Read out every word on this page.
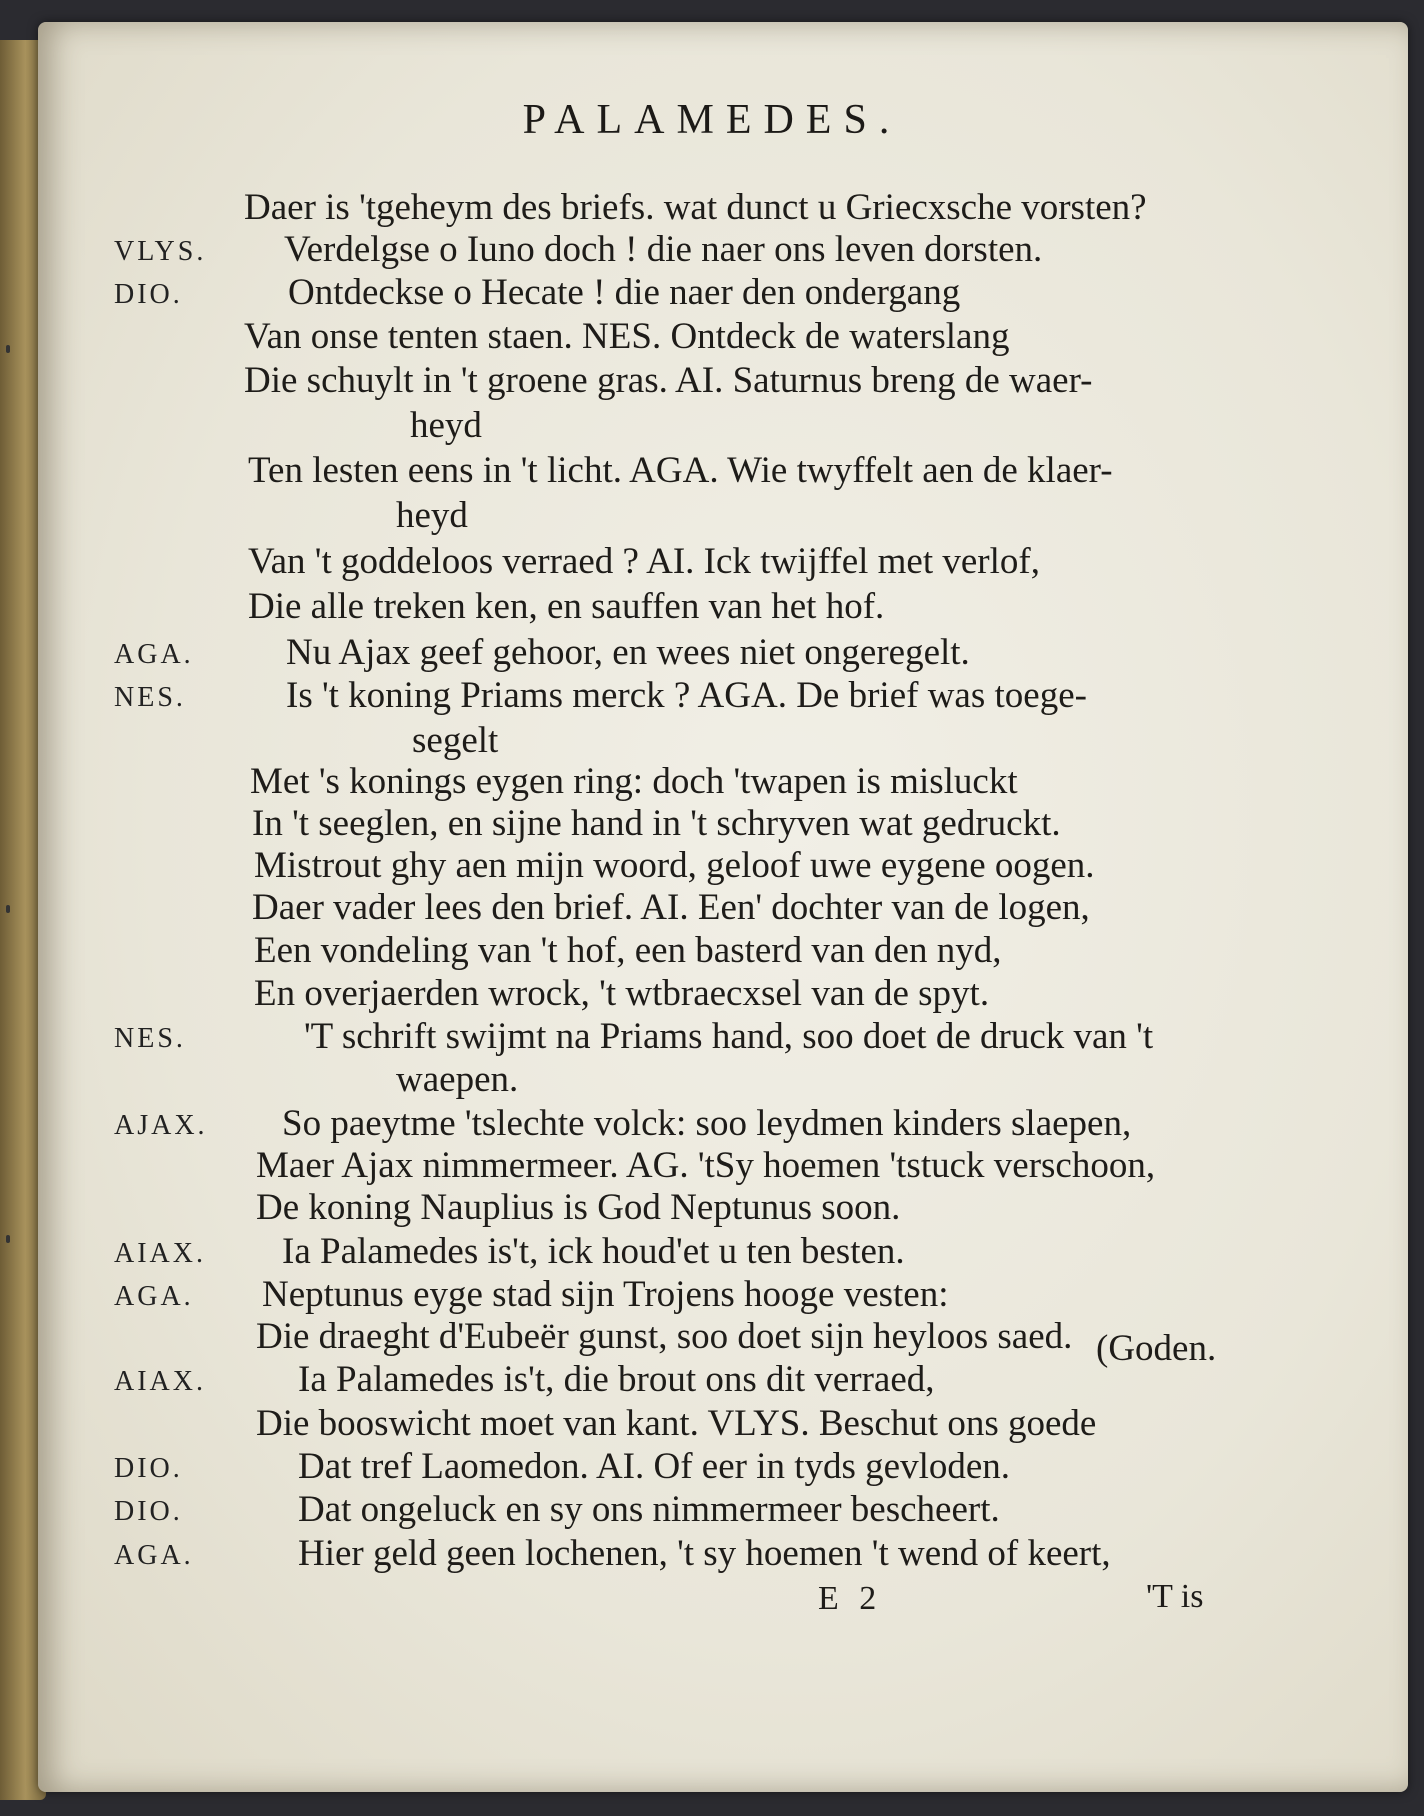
PALAMEDES.
Daer is 'tgeheym des briefs. wat dunct u Griecxsche vorsten?
Verdelgse o Iuno doch ! die naer ons leven dorsten.
VLYS.
Ontdeckse o Hecate ! die naer den ondergang
DIO.
Van onse tenten staen. NES. Ontdeck de waterslang
Die schuylt in 't groene gras. AI. Saturnus breng de waer-
heyd
Ten lesten eens in 't licht. AGA. Wie twyffelt aen de klaer-
heyd
Van 't goddeloos verraed ? AI. Ick twijffel met verlof,
Die alle treken ken, en sauffen van het hof.
Nu Ajax geef gehoor, en wees niet ongeregelt.
AGA.
Is 't koning Priams merck ? AGA. De brief was toege-
NES.
segelt
Met 's konings eygen ring: doch 'twapen is misluckt
In 't seeglen, en sijne hand in 't schryven wat gedruckt.
Mistrout ghy aen mijn woord, geloof uwe eygene oogen.
Daer vader lees den brief. AI. Een' dochter van de logen,
Een vondeling van 't hof, een basterd van den nyd,
En overjaerden wrock, 't wtbraecxsel van de spyt.
'T schrift swijmt na Priams hand, soo doet de druck van 't
NES.
waepen.
So paeytme 'tslechte volck: soo leydmen kinders slaepen,
AJAX.
Maer Ajax nimmermeer. AG. 'tSy hoemen 'tstuck verschoon,
De koning Nauplius is God Neptunus soon.
Ia Palamedes is't, ick houd'et u ten besten.
AIAX.
Neptunus eyge stad sijn Trojens hooge vesten:
AGA.
Die draeght d'Eubeër gunst, soo doet sijn heyloos saed.
Ia Palamedes is't, die brout ons dit verraed,
AIAX.
Die booswicht moet van kant. VLYS. Beschut ons goede
Dat tref Laomedon. AI. Of eer in tyds gevloden.
DIO.
Dat ongeluck en sy ons nimmermeer bescheert.
DIO.
Hier geld geen lochenen, 't sy hoemen 't wend of keert,
AGA.
(Goden.
E 2	'T is
